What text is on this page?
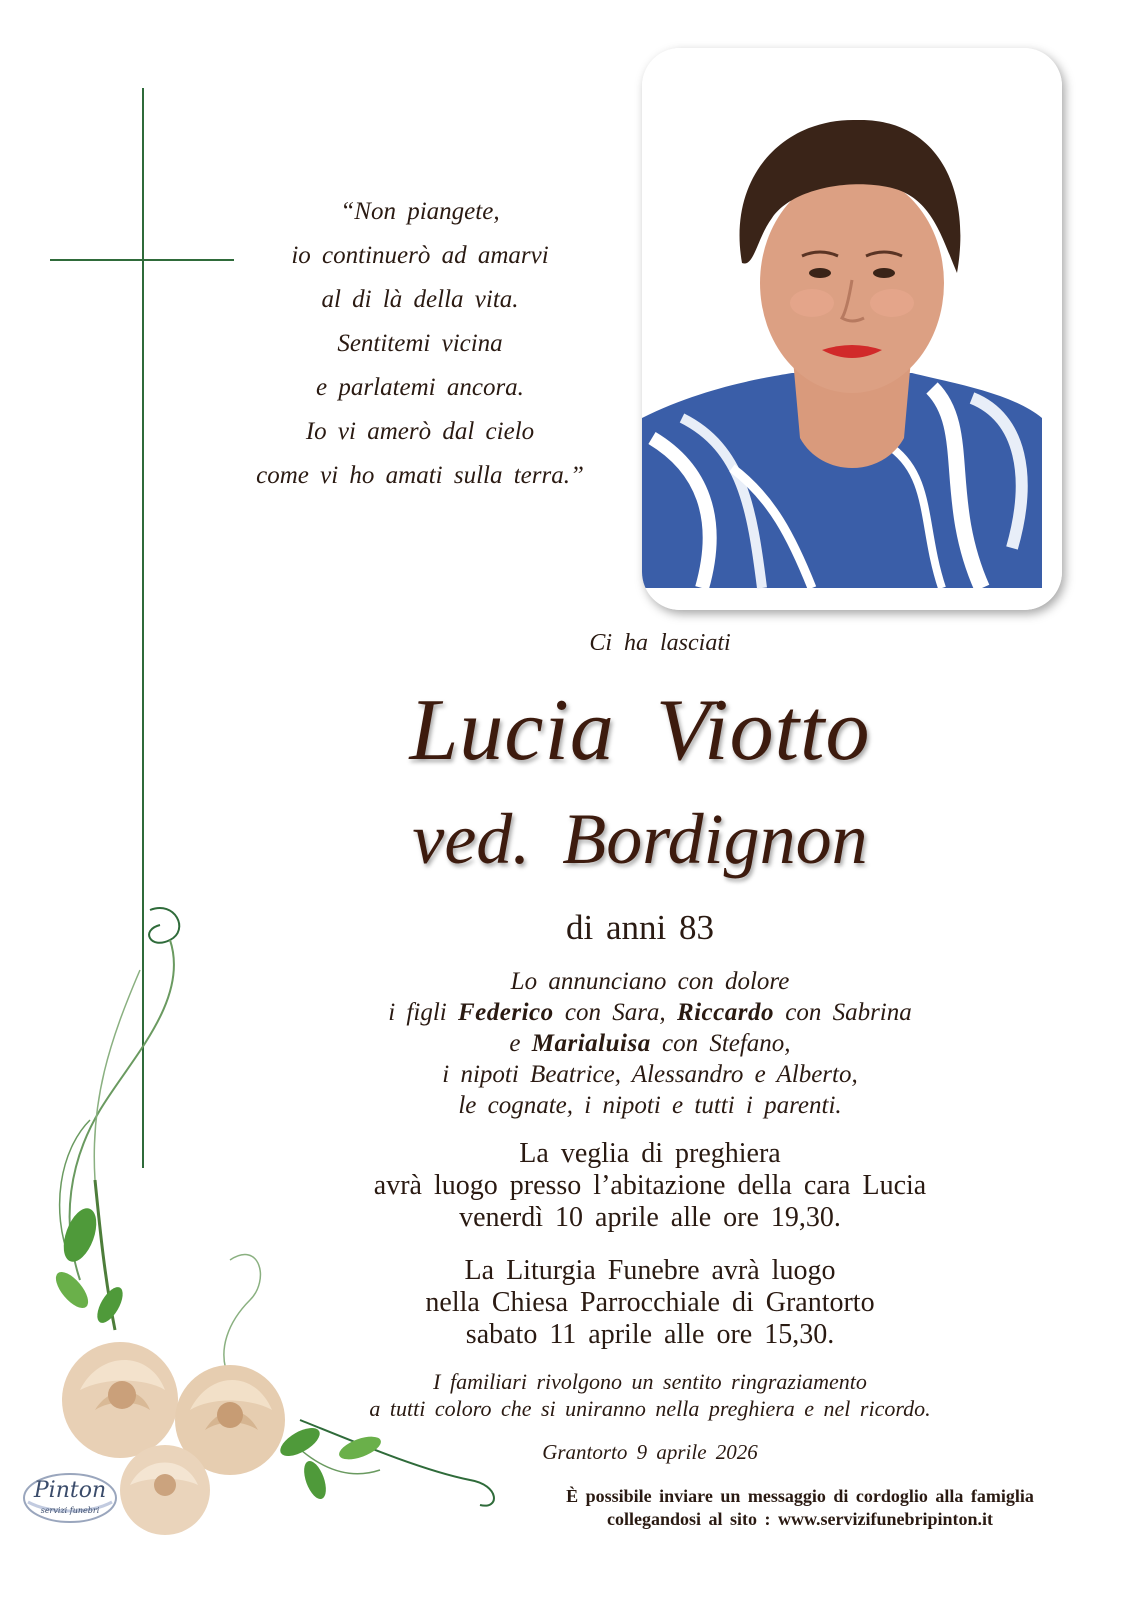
“Non piangete,
io continuerò ad amarvi
al di là della vita.
Sentitemi vicina
e parlatemi ancora.
Io vi amerò dal cielo
come vi ho amati sulla terra.”
Ci ha lasciati
Lucia Viotto
ved. Bordignon
di anni 83
Lo annunciano con dolore
i figli Federico con Sara, Riccardo con Sabrina
e Marialuisa con Stefano,
i nipoti Beatrice, Alessandro e Alberto,
le cognate, i nipoti e tutti i parenti.
La veglia di preghiera
avrà luogo presso l’abitazione della cara Lucia
venerdì 10 aprile alle ore 19,30.
La Liturgia Funebre avrà luogo
nella Chiesa Parrocchiale di Grantorto
sabato 11 aprile alle ore 15,30.
I familiari rivolgono un sentito ringraziamento
a tutti coloro che si uniranno nella preghiera e nel ricordo.
Grantorto 9 aprile 2026
È possibile inviare un messaggio di cordoglio alla famiglia
collegandosi al sito : www.servizifunebripinton.it
Pinton
servizi funebri
